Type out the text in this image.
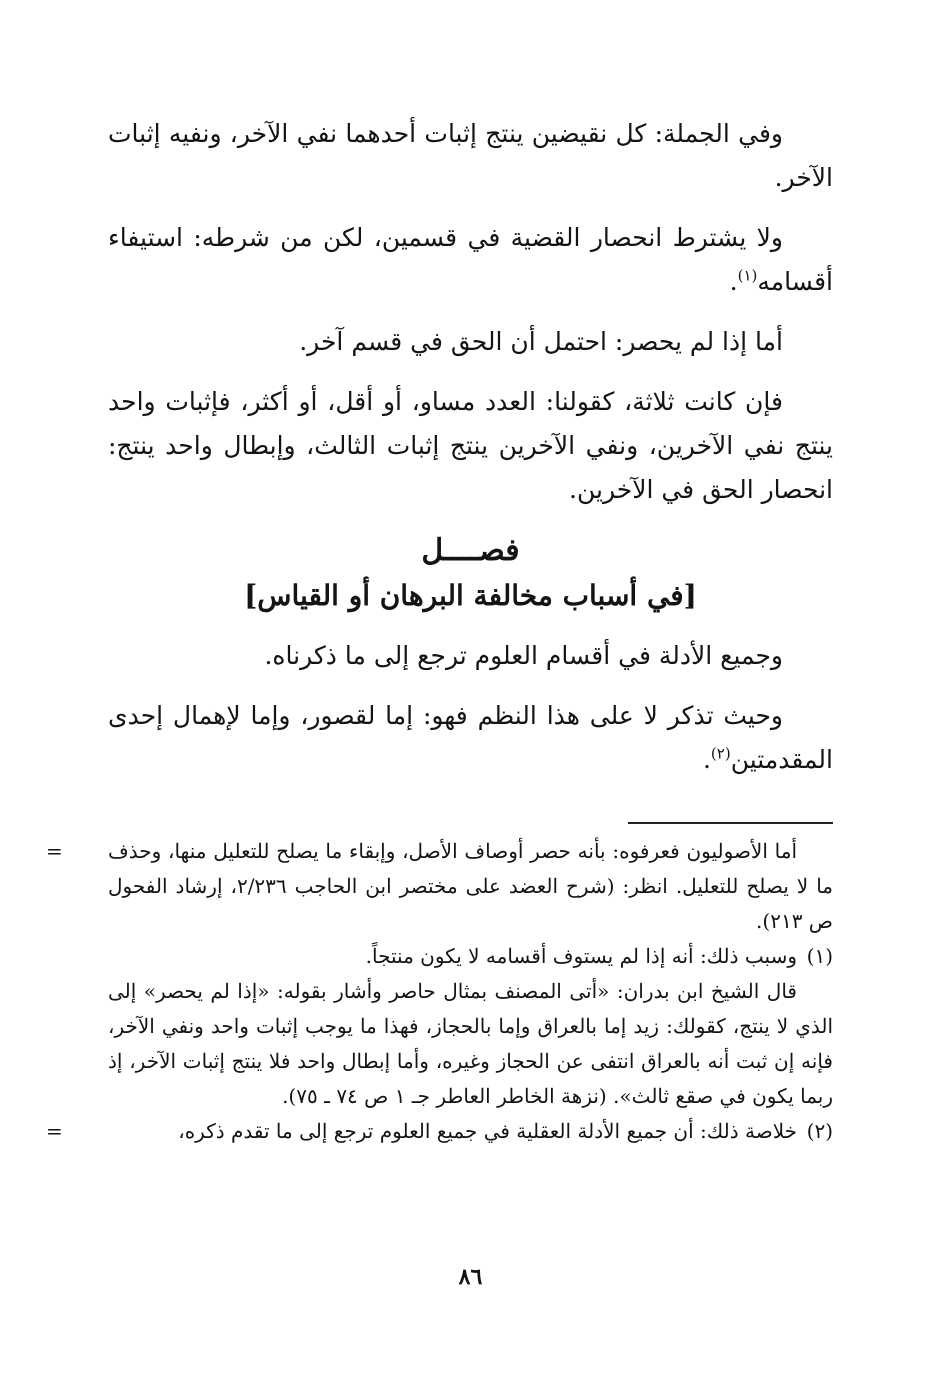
وفي الجملة: كل نقيضين ينتج إثبات أحدهما نفي الآخر، ونفيه إثبات الآخر.

ولا يشترط انحصار القضية في قسمين، لكن من شرطه: استيفاء أقسامه$^{(١)}$.

أما إذا لم يحصر: احتمل أن الحق في قسم آخر.

فإن كانت ثلاثة، كقولنا: العدد مساو، أو أقل، أو أكثر، فإثبات واحد ينتج نفي الآخرين، ونفي الآخرين ينتج إثبات الثالث، وإبطال واحد ينتج: انحصار الحق في الآخرين.

فصــــل
[في أسباب مخالفة البرهان أو القياس]

وجميع الأدلة في أقسام العلوم ترجع إلى ما ذكرناه.

وحيث تذكر لا على هذا النظم فهو: إما لقصور، وإما لإهمال إحدى المقدمتين$^{(٢)}$.

= أما الأصوليون فعرفوه: بأنه حصر أوصاف الأصل، وإبقاء ما يصلح للتعليل منها، وحذف ما لا يصلح للتعليل. انظر: (شرح العضد على مختصر ابن الحاجب ٢/٢٣٦، إرشاد الفحول ص ٢١٣).

(١)وسبب ذلك: أنه إذا لم يستوف أقسامه لا يكون منتجاً.

قال الشيخ ابن بدران: «أتى المصنف بمثال حاصر وأشار بقوله: «إذا لم يحصر» إلى الذي لا ينتج، كقولك: زيد إما بالعراق وإما بالحجاز، فهذا ما يوجب إثبات واحد ونفي الآخر، فإنه إن ثبت أنه بالعراق انتفى عن الحجاز وغيره، وأما إبطال واحد فلا ينتج إثبات الآخر، إذ ربما يكون في صقع ثالث». (نزهة الخاطر العاطر جـ ١ ص ٧٤ ـ ٧٥).

(٢)خلاصة ذلك: أن جميع الأدلة العقلية في جميع العلوم ترجع إلى ما تقدم ذكره،
=

٨٦
